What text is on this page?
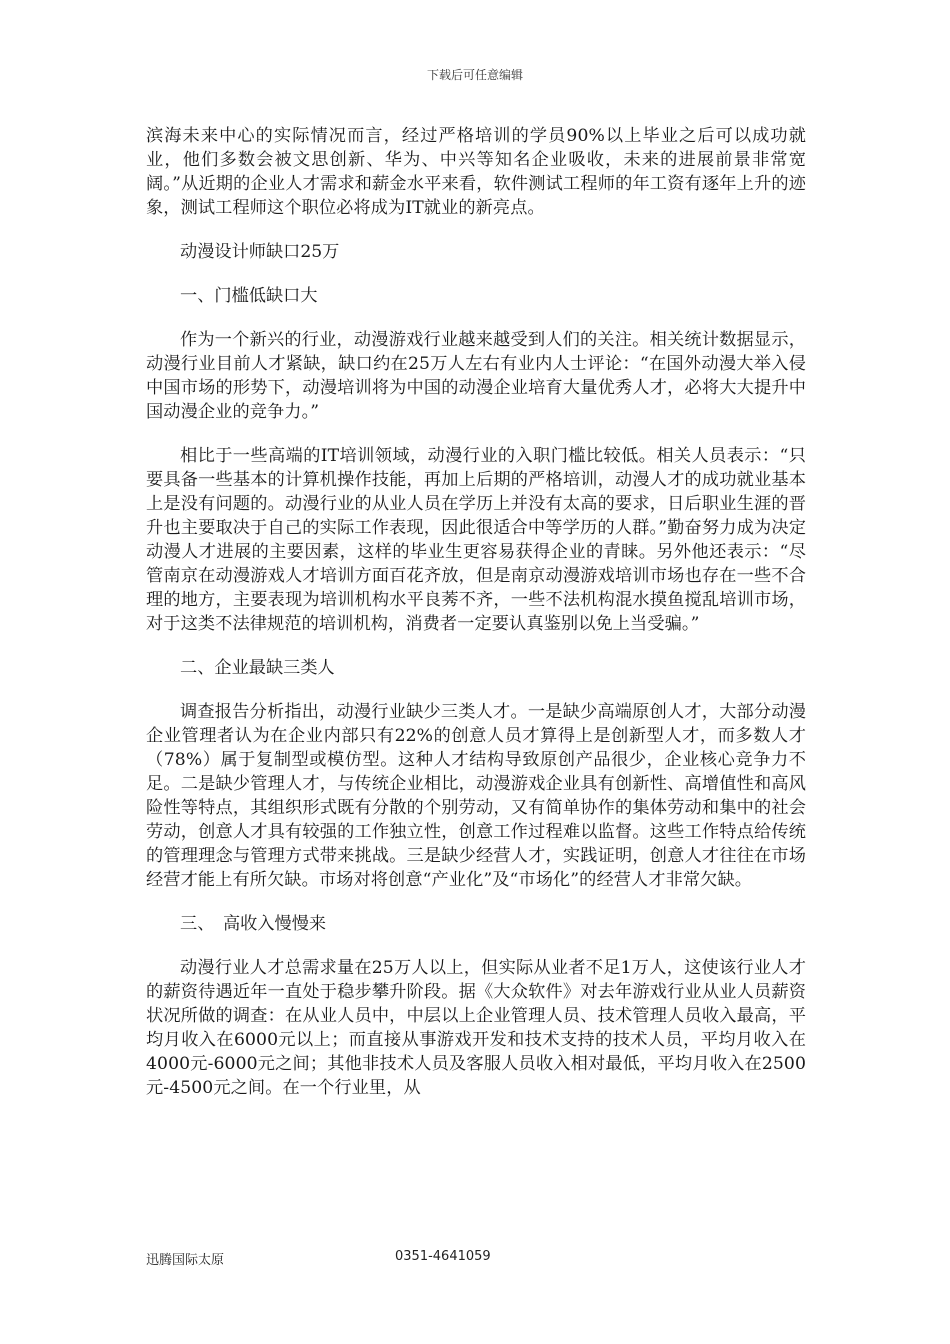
下载后可任意编辑

滨海未来中心的实际情况而言，经过严格培训的学员90%以上毕业之后可以成功就业，他们多数会被文思创新、华为、中兴等知名企业吸收，未来的进展前景非常宽阔。”从近期的企业人才需求和薪金水平来看，软件测试工程师的年工资有逐年上升的迹象，测试工程师这个职位必将成为IT就业的新亮点。

动漫设计师缺口25万

一、门槛低缺口大

作为一个新兴的行业，动漫游戏行业越来越受到人们的关注。相关统计数据显示，动漫行业目前人才紧缺，缺口约在25万人左右有业内人士评论：“在国外动漫大举入侵中国市场的形势下，动漫培训将为中国的动漫企业培育大量优秀人才，必将大大提升中国动漫企业的竞争力。”

相比于一些高端的IT培训领域，动漫行业的入职门槛比较低。相关人员表示：“只要具备一些基本的计算机操作技能，再加上后期的严格培训，动漫人才的成功就业基本上是没有问题的。动漫行业的从业人员在学历上并没有太高的要求，日后职业生涯的晋升也主要取决于自己的实际工作表现，因此很适合中等学历的人群。”勤奋努力成为决定动漫人才进展的主要因素，这样的毕业生更容易获得企业的青睐。另外他还表示：“尽管南京在动漫游戏人才培训方面百花齐放，但是南京动漫游戏培训市场也存在一些不合理的地方，主要表现为培训机构水平良莠不齐，一些不法机构混水摸鱼搅乱培训市场，对于这类不法律规范的培训机构，消费者一定要认真鉴别以免上当受骗。”

二、企业最缺三类人

调查报告分析指出，动漫行业缺少三类人才。一是缺少高端原创人才，大部分动漫企业管理者认为在企业内部只有22%的创意人员才算得上是创新型人才，而多数人才（78%）属于复制型或模仿型。这种人才结构导致原创产品很少，企业核心竞争力不足。二是缺少管理人才，与传统企业相比，动漫游戏企业具有创新性、高增值性和高风险性等特点，其组织形式既有分散的个别劳动，又有简单协作的集体劳动和集中的社会劳动，创意人才具有较强的工作独立性，创意工作过程难以监督。这些工作特点给传统的管理理念与管理方式带来挑战。三是缺少经营人才，实践证明，创意人才往往在市场经营才能上有所欠缺。市场对将创意“产业化”及“市场化”的经营人才非常欠缺。

三、　高收入慢慢来

动漫行业人才总需求量在25万人以上，但实际从业者不足1万人，这使该行业人才的薪资待遇近年一直处于稳步攀升阶段。据《大众软件》对去年游戏行业从业人员薪资状况所做的调查：在从业人员中，中层以上企业管理人员、技术管理人员收入最高，平均月收入在6000元以上；而直接从事游戏开发和技术支持的技术人员，平均月收入在4000元-6000元之间；其他非技术人员及客服人员收入相对最低，平均月收入在2500元-4500元之间。在一个行业里，从

迅腾国际太原	0351-4641059
